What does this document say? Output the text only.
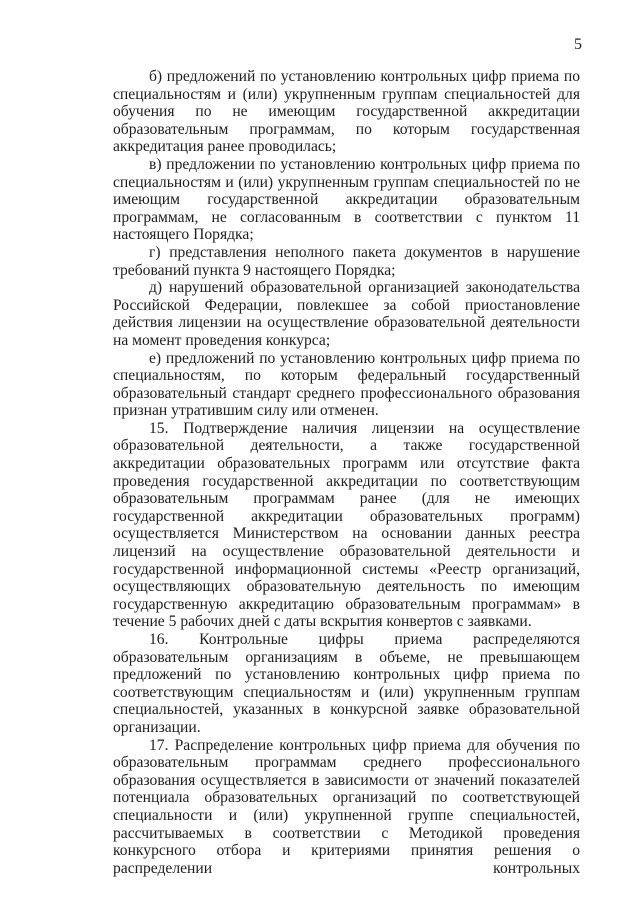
5

б) предложений по установлению контрольных цифр приема по специальностям и (или) укрупненным группам специальностей для обучения по не имеющим государственной аккредитации образовательным программам, по которым государственная аккредитация ранее проводилась;

в) предложении по установлению контрольных цифр приема по специальностям и (или) укрупненным группам специальностей по не имеющим государственной аккредитации образовательным программам, не согласованным в соответствии с пунктом 11 настоящего Порядка;

г) представления неполного пакета документов в нарушение требований пункта 9 настоящего Порядка;

д) нарушений образовательной организацией законодательства Российской Федерации, повлекшее за собой приостановление действия лицензии на осуществление образовательной деятельности на момент проведения конкурса;

е) предложений по установлению контрольных цифр приема по специальностям, по которым федеральный государственный образовательный стандарт среднего профессионального образования признан утратившим силу или отменен.

15. Подтверждение наличия лицензии на осуществление образовательной деятельности, а также государственной аккредитации образовательных программ или отсутствие факта проведения государственной аккредитации по соответствующим образовательным программам ранее (для не имеющих государственной аккредитации образовательных программ) осуществляется Министерством на основании данных реестра лицензий на осуществление образовательной деятельности и государственной информационной системы «Реестр организаций, осуществляющих образовательную деятельность по имеющим государственную аккредитацию образовательным программам» в течение 5 рабочих дней с даты вскрытия конвертов с заявками.

16. Контрольные цифры приема распределяются образовательным организациям в объеме, не превышающем предложений по установлению контрольных цифр приема по соответствующим специальностям и (или) укрупненным группам специальностей, указанных в конкурсной заявке образовательной организации.

17. Распределение контрольных цифр приема для обучения по образовательным программам среднего профессионального образования осуществляется в зависимости от значений показателей потенциала образовательных организаций по соответствующей специальности и (или) укрупненной группе специальностей, рассчитываемых в соответствии с Методикой проведения конкурсного отбора и критериями принятия решения о распределении контрольных
